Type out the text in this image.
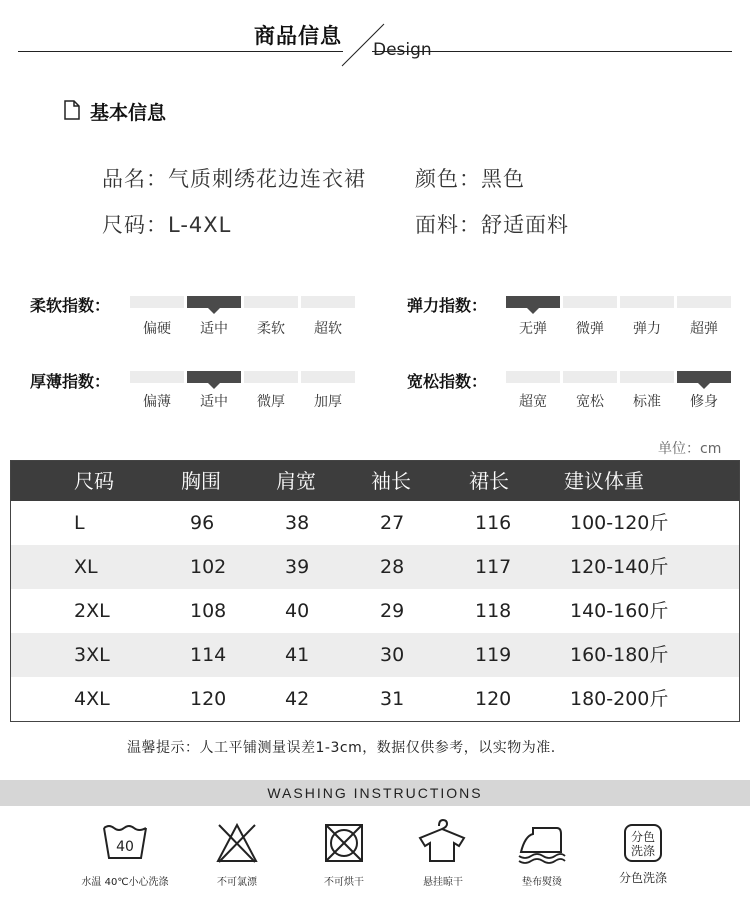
商品信息
Design
基本信息
品名：气质刺绣花边连衣裙 颜色：黑色
尺码：L-4XL	面料：舒适面料
柔软指数：
偏硬	适中	柔软	超软
弹力指数：
无弹	微弹	弹力	超弹
厚薄指数：
偏薄	适中	微厚	加厚
宽松指数：
超宽	宽松	标准	修身
单位：cm
尺码	胸围	肩宽	袖长	裙长	建议体重
L	96	38	27	116	100-120斤
XL	102	39	28	117	120-140斤
2XL	108	40	29	118	140-160斤
3XL	114	41	30	119	160-180斤
4XL	120	42	31	120	180-200斤
温馨提示：人工平铺测量误差1-3cm，数据仅供参考，以实物为准.
WASHING INSTRUCTIONS
40
水温 40℃小心洗涤	不可氯漂	不可烘干	悬挂晾干	垫布熨烫
分色
洗涤
分色洗涤
